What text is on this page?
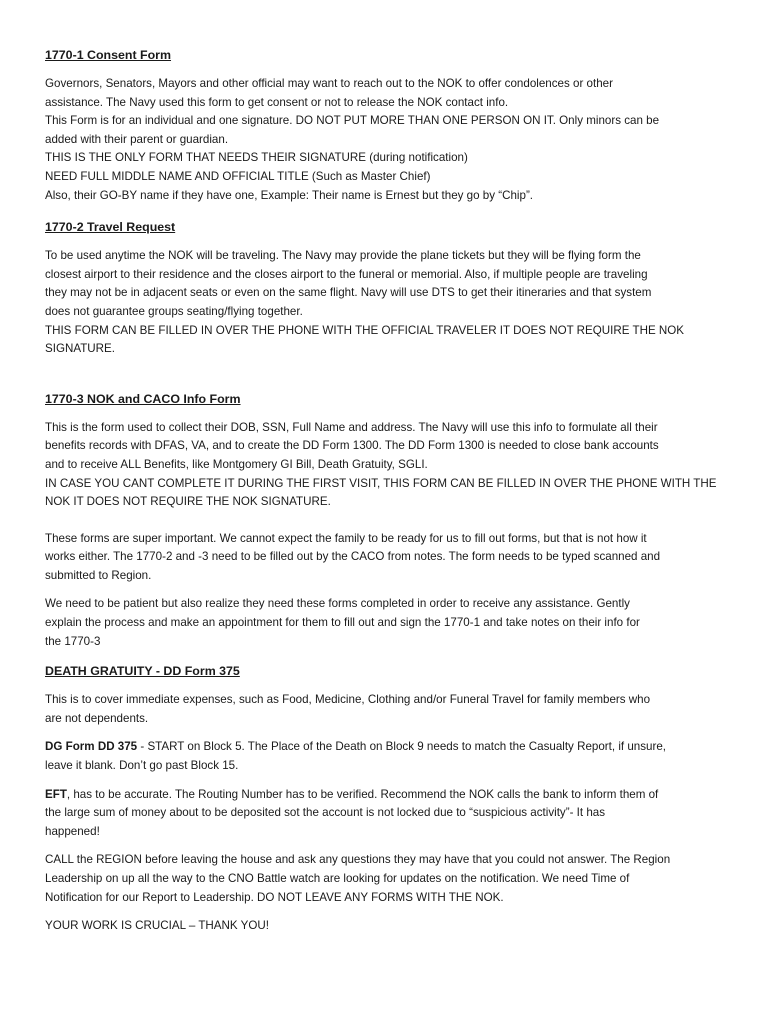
1770-1 Consent Form

Governors, Senators, Mayors and other official may want to reach out to the NOK to offer condolences or other

assistance. The Navy used this form to get consent or not to release the NOK contact info.

This Form is for an individual and one signature. DO NOT PUT MORE THAN ONE PERSON ON IT. Only minors can be

added with their parent or guardian.

THIS IS THE ONLY FORM THAT NEEDS THEIR SIGNATURE (during notification)

NEED FULL MIDDLE NAME AND OFFICIAL TITLE (Such as Master Chief)

Also, their GO-BY name if they have one, Example: Their name is Ernest but they go by “Chip”.

1770-2 Travel Request

To be used anytime the NOK will be traveling. The Navy may provide the plane tickets but they will be flying form the

closest airport to their residence and the closes airport to the funeral or memorial. Also, if multiple people are traveling

they may not be in adjacent seats or even on the same flight. Navy will use DTS to get their itineraries and that system

does not guarantee groups seating/flying together.

THIS FORM CAN BE FILLED IN OVER THE PHONE WITH THE OFFICIAL TRAVELER IT DOES NOT REQUIRE THE NOK

SIGNATURE.

1770-3 NOK and CACO Info Form

This is the form used to collect their DOB, SSN, Full Name and address. The Navy will use this info to formulate all their

benefits records with DFAS, VA, and to create the DD Form 1300. The DD Form 1300 is needed to close bank accounts

and to receive ALL Benefits, like Montgomery GI Bill, Death Gratuity, SGLI.

IN CASE YOU CANT COMPLETE IT DURING THE FIRST VISIT, THIS FORM CAN BE FILLED IN OVER THE PHONE WITH THE

NOK IT DOES NOT REQUIRE THE NOK SIGNATURE.

These forms are super important. We cannot expect the family to be ready for us to fill out forms, but that is not how it

works either. The 1770-2 and -3 need to be filled out by the CACO from notes. The form needs to be typed scanned and

submitted to Region.

We need to be patient but also realize they need these forms completed in order to receive any assistance. Gently

explain the process and make an appointment for them to fill out and sign the 1770-1 and take notes on their info for

the 1770-3

DEATH GRATUITY - DD Form 375

This is to cover immediate expenses, such as Food, Medicine, Clothing and/or Funeral Travel for family members who

are not dependents.

DG Form DD 375 - START on Block 5. The Place of the Death on Block 9 needs to match the Casualty Report, if unsure,

leave it blank. Don’t go past Block 15.

EFT, has to be accurate. The Routing Number has to be verified. Recommend the NOK calls the bank to inform them of

the large sum of money about to be deposited sot the account is not locked due to “suspicious activity”- It has

happened!

CALL the REGION before leaving the house and ask any questions they may have that you could not answer. The Region

Leadership on up all the way to the CNO Battle watch are looking for updates on the notification. We need Time of

Notification for our Report to Leadership. DO NOT LEAVE ANY FORMS WITH THE NOK.

YOUR WORK IS CRUCIAL – THANK YOU!
